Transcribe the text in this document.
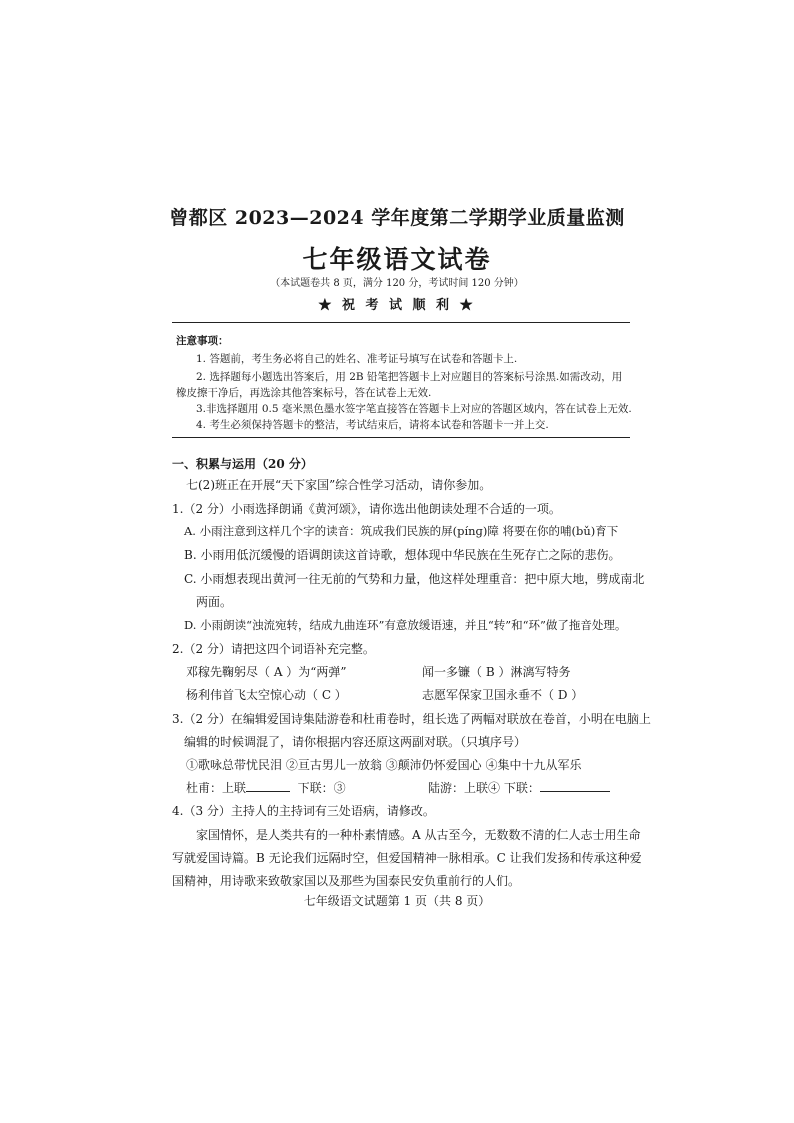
曾都区 2023—2024 学年度第二学期学业质量监测
七年级语文试卷
（本试题卷共 8 页，满分 120 分，考试时间 120 分钟）
★ 祝 考 试 顺 利 ★
注意事项：
1. 答题前，考生务必将自己的姓名、准考证号填写在试卷和答题卡上.
2. 选择题每小题选出答案后，用 2B 铅笔把答题卡上对应题目的答案标号涂黑.如需改动，用
橡皮擦干净后，再选涂其他答案标号，答在试卷上无效.
3.非选择题用 0.5 毫米黑色墨水签字笔直接答在答题卡上对应的答题区域内，答在试卷上无效.
4. 考生必须保持答题卡的整洁，考试结束后，请将本试卷和答题卡一并上交.
一、积累与运用（20 分）
七(2)班正在开展“天下家国”综合性学习活动，请你参加。
1.（2 分）小雨选择朗诵《黄河颂》，请你选出他朗读处理不合适的一项。
A. 小雨注意到这样几个字的读音：筑成我们民族的屏(pínɡ)障 将要在你的哺(bǔ)育下
B. 小雨用低沉缓慢的语调朗读这首诗歌，想体现中华民族在生死存亡之际的悲伤。
C. 小雨想表现出黄河一往无前的气势和力量，他这样处理重音：把中原大地，劈成南北
两面。
D. 小雨朗读“浊流宛转，结成九曲连环”有意放缓语速，并且“转”和“环”做了拖音处理。
2.（2 分）请把这四个词语补充完整。
邓稼先鞠躬尽（ A ）为“两弹”	闻一多镰（ B ）淋漓写特务
杨利伟首飞太空惊心动（ C ）	志愿军保家卫国永垂不（ D ）
3.（2 分）在编辑爱国诗集陆游卷和杜甫卷时，组长选了两幅对联放在卷首，小明在电脑上
编辑的时候调混了，请你根据内容还原这两副对联。（只填序号）
①歌咏总带忧民泪 ②亘古男儿一放翁 ③颠沛仍怀爱国心 ④集中十九从军乐
杜甫：上联	下联：③	陆游：上联④ 下联：
4.（3 分）主持人的主持词有三处语病，请修改。
家国情怀，是人类共有的一种朴素情感。A 从古至今，无数数不清的仁人志士用生命
写就爱国诗篇。B 无论我们远隔时空，但爱国精神一脉相承。C 让我们发扬和传承这种爱
国精神，用诗歌来致敬家国以及那些为国泰民安负重前行的人们。
七年级语文试题第 1 页（共 8 页）
